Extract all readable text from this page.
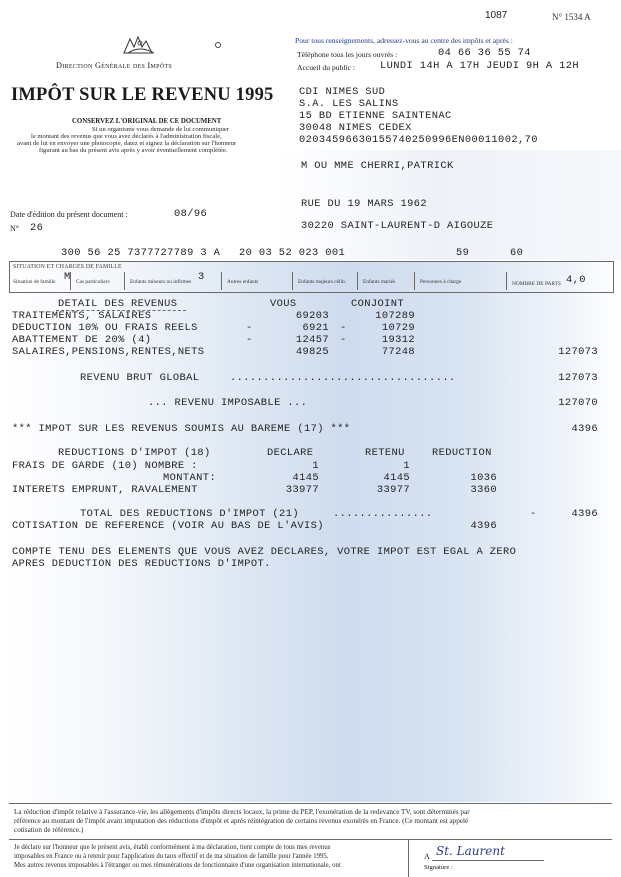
1087	N° 1534 A
Direction Générale des Impôts
IMPÔT SUR LE REVENU 1995
CONSERVEZ L'ORIGINAL DE CE DOCUMENT
Si un organisme vous demande de lui communiquer
le montant des revenus que vous avez déclarés à l'administration fiscale,
avant de lui en envoyer une photocopie, datez et signez la déclaration sur l'honneur
figurant au bas du présent avis après y avoir éventuellement complétée.
Date d'édition du présent document :	08/96
N° 26
Pour tous renseignements, adressez-vous au centre des impôts et après :
Téléphone tous les jours ouvrés :	04 66 36 55 74
Accueil du public : LUNDI 14H A 17H JEUDI 9H A 12H
CDI NIMES SUD
S.A. LES SALINS
15 BD ETIENNE SAINTENAC
30048 NIMES CEDEX
02034596630155740250996EN00011002,70
M OU MME CHERRI,PATRICK
RUE DU 19 MARS 1962
30220 SAINT-LAURENT-D AIGOUZE
300 56 25 7377727789 3 A 20 03 52 023 001	59	60
SITUATION ET CHARGES DE FAMILLE
Situation de famille M Cas particuliers	Enfants mineurs ou infirmes 3	Autres enfants	Enfants majeurs célib.	Enfants mariés	Personnes à charge	NOMBRE DE PARTS 4,0
DETAIL DES REVENUS	VOUS	CONJOINT
TRAITEMENTS, SALAIRES	69203	107289
DEDUCTION 10% OU FRAIS REELS	-	6921 -	10729
ABATTEMENT DE 20% (4)	-	12457 -	19312
SALAIRES,PENSIONS,RENTES,NETS	49825	77248	127073
REVENU BRUT GLOBAL	..................................	127073
... REVENU IMPOSABLE ...	127070
*** IMPOT SUR LES REVENUS SOUMIS AU BAREME (17) ***	4396
REDUCTIONS D'IMPOT (18)	DECLARE	RETENU	REDUCTION
FRAIS DE GARDE (10) NOMBRE :	1	1
MONTANT:	4145	4145	1036
INTERETS EMPRUNT, RAVALEMENT	33977	33977	3360
TOTAL DES REDUCTIONS D'IMPOT (21)	...............	-	4396
COTISATION DE REFERENCE (VOIR AU BAS DE L'AVIS)	4396
COMPTE TENU DES ELEMENTS QUE VOUS AVEZ DECLARES, VOTRE IMPOT EST EGAL A ZERO
APRES DEDUCTION DES REDUCTIONS D'IMPOT.
La réduction d'impôt relative à l'assurance-vie, les allègements d'impôts directs locaux, la prime du PEP, l'exonération de la redevance TV, sont déterminés par
référence au montant de l'impôt avant imputation des réductions d'impôt et après réintégration de certains revenus exonérés en France. (Ce montant est appelé
cotisation de référence.)
Je déclare sur l'honneur que le présent avis, établi conformément à ma déclaration, tient compte de tous mes revenus
imposables en France ou à retenir pour l'application du taux effectif et de ma situation de famille pour l'année 1995.
Mes autres revenus imposables à l'étranger ou mes rémunérations de fonctionnaire d'une organisation internationale, ont
A St. Laurent
Signature :
